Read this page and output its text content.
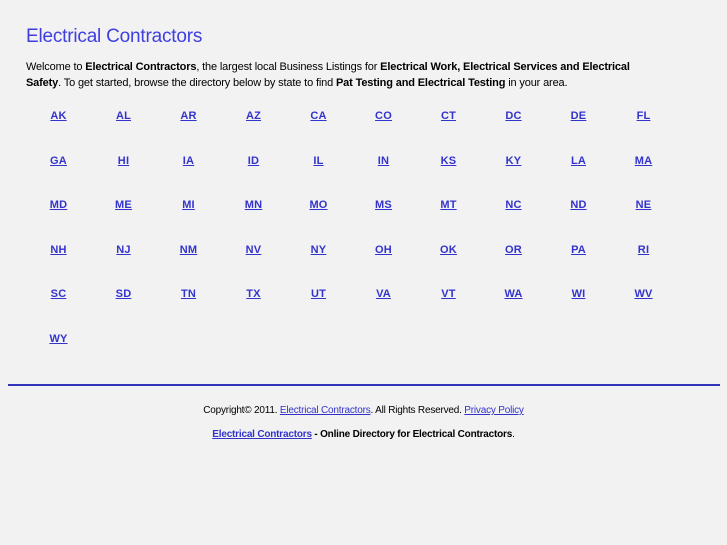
Electrical Contractors

Welcome to Electrical Contractors, the largest local Business Listings for Electrical Work, Electrical Services and Electrical Safety. To get started, browse the directory below by state to find Pat Testing and Electrical Testing in your area.

AK	AL	AR	AZ	CA	CO	CT	DC	DE	FL
GA	HI	IA	ID	IL	IN	KS	KY	LA	MA
MD	ME	MI	MN	MO	MS	MT	NC	ND	NE
NH	NJ	NM	NV	NY	OH	OK	OR	PA	RI
SC	SD	TN	TX	UT	VA	VT	WA	WI	WV
WY
Copyright© 2011. Electrical Contractors. All Rights Reserved. Privacy Policy
Electrical Contractors - Online Directory for Electrical Contractors.
